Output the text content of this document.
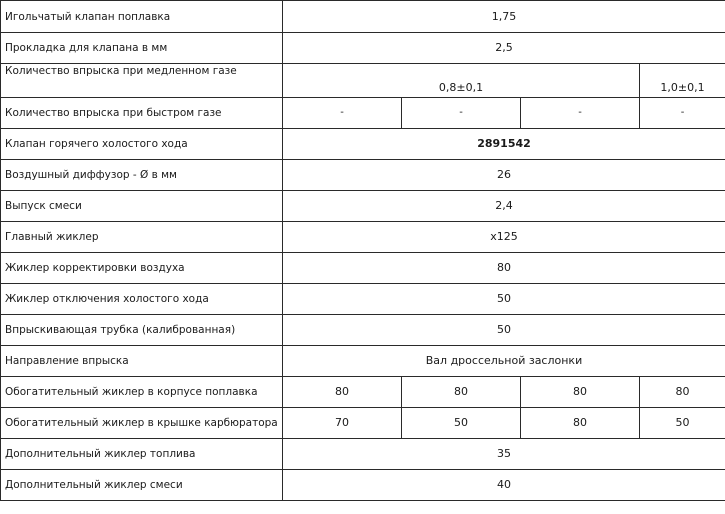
Игольчатый клапан поплавка	1,75			
Прокладка для клапана в мм	2,5			
Количество впрыска при медленном газе	0,8±0,1			1,0±0,1
Количество впрыска при быстром газе	-	-	-	-
Клапан горячего холостого хода	2891542			
Воздушный диффузор - Ø в мм	26			
Выпуск смеси	2,4			
Главный жиклер	x125			
Жиклер корректировки воздуха	80			
Жиклер отключения холостого хода	50			
Впрыскивающая трубка (калиброванная)	50			
Направление впрыска	Вал дроссельной заслонки			
Обогатительный жиклер в корпусе поплавка	80	80	80	80
Обогатительный жиклер в крышке карбюратора	70	50	80	50
Дополнительный жиклер топлива	35			
Дополнительный жиклер смеси	40			
